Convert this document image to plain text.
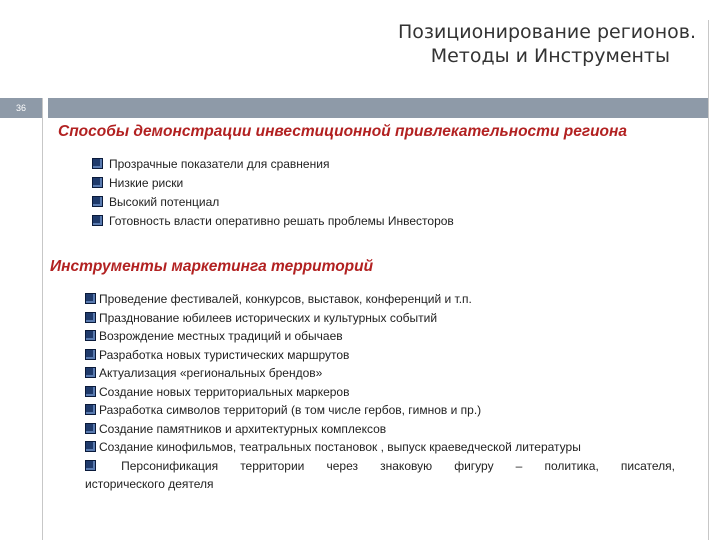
Позиционирование регионов.
Методы и Инструменты
36
Способы демонстрации инвестиционной привлекательности региона
Прозрачные показатели для сравнения
Низкие риски
Высокий потенциал
Готовность власти оперативно решать проблемы Инвесторов
Инструменты маркетинга территорий
Проведение фестивалей, конкурсов, выставок, конференций и т.п.
Празднование юбилеев исторических и культурных событий
Возрождение местных традиций и обычаев
Разработка новых туристических маршрутов
Актуализация «региональных брендов»
Создание новых территориальных маркеров
Разработка символов территорий (в том числе гербов, гимнов и пр.)
Создание памятников и архитектурных комплексов
Создание кинофильмов, театральных постановок , выпуск краеведческой литературы
Персонификация территории через знаковую фигуру – политика, писателя,
исторического деятеля
